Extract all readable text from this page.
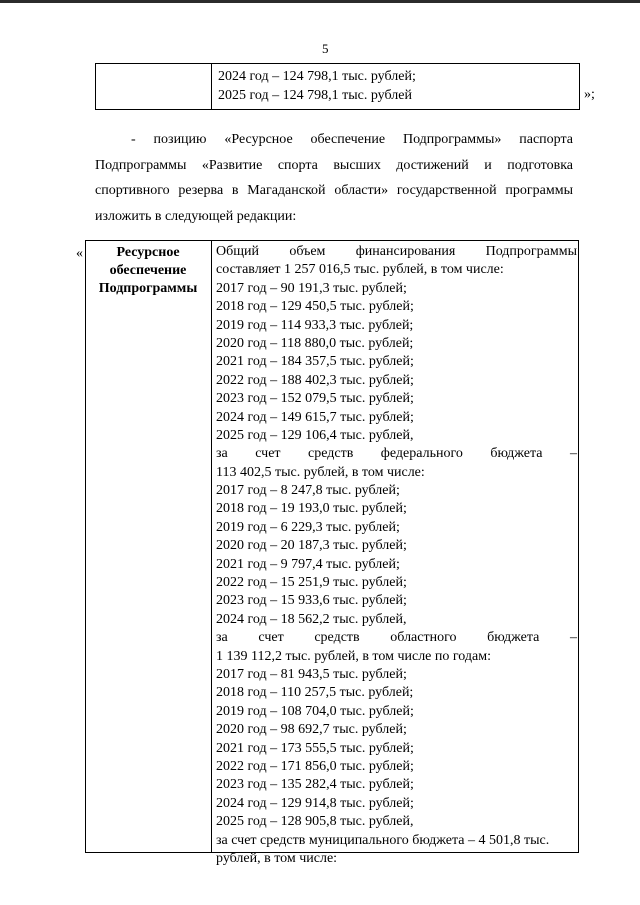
5
2024 год – 124 798,1 тыс. рублей;
2025 год – 124 798,1 тыс. рублей	»;
- позицию «Ресурсное обеспечение Подпрограммы» паспорта
Подпрограммы «Развитие спорта высших достижений и подготовка
спортивного резерва в Магаданской области» государственной программы
изложить в следующей редакции:
«	Ресурсное
обеспечение
Подпрограммы
Общий объем финансирования Подпрограммы
составляет 1 257 016,5 тыс. рублей, в том числе:
2017 год – 90 191,3 тыс. рублей;
2018 год – 129 450,5 тыс. рублей;
2019 год – 114 933,3 тыс. рублей;
2020 год – 118 880,0 тыс. рублей;
2021 год – 184 357,5 тыс. рублей;
2022 год – 188 402,3 тыс. рублей;
2023 год – 152 079,5 тыс. рублей;
2024 год – 149 615,7 тыс. рублей;
2025 год – 129 106,4 тыс. рублей,
за счет средств федерального бюджета –
113 402,5 тыс. рублей, в том числе:
2017 год – 8 247,8 тыс. рублей;
2018 год – 19 193,0 тыс. рублей;
2019 год – 6 229,3 тыс. рублей;
2020 год – 20 187,3 тыс. рублей;
2021 год – 9 797,4 тыс. рублей;
2022 год – 15 251,9 тыс. рублей;
2023 год – 15 933,6 тыс. рублей;
2024 год – 18 562,2 тыс. рублей,
за счет средств областного бюджета –
1 139 112,2 тыс. рублей, в том числе по годам:
2017 год – 81 943,5 тыс. рублей;
2018 год – 110 257,5 тыс. рублей;
2019 год – 108 704,0 тыс. рублей;
2020 год – 98 692,7 тыс. рублей;
2021 год – 173 555,5 тыс. рублей;
2022 год – 171 856,0 тыс. рублей;
2023 год – 135 282,4 тыс. рублей;
2024 год – 129 914,8 тыс. рублей;
2025 год – 128 905,8 тыс. рублей,
за счет средств муниципального бюджета – 4 501,8 тыс.
рублей, в том числе:
